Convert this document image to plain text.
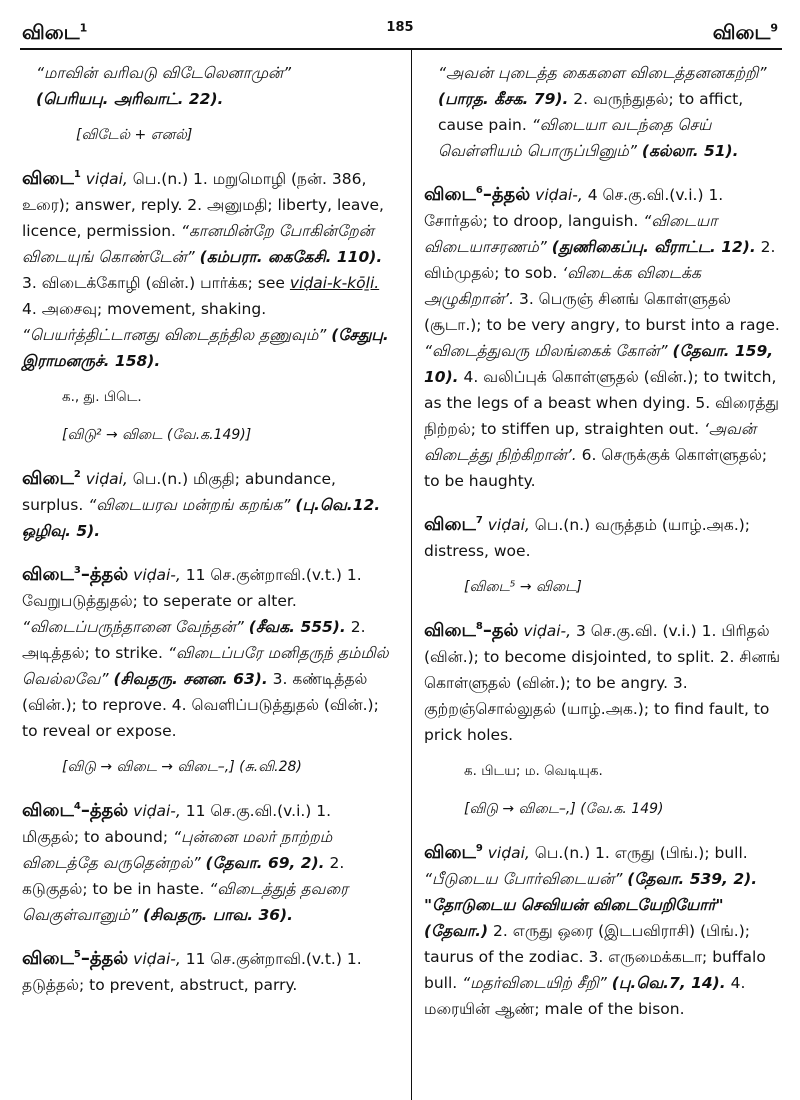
விடை$^1$	185	விடை$^9$
“மாவின் வரிவடு விடேலெனாமுன்”
(பெரியபு. அரிவாட். 22).
[விடேல் + எனல்]
விடை$^1$ viḍai, பெ.(n.) 1. மறுமொழி (நன். 386, உரை); answer, reply. 2. அனுமதி; liberty, leave, licence, permission. “கானமின்றே போகின்றேன் விடையுங் கொண்டேன்” (கம்பரா. கைகேசி. 110). 3. விடைக்கோழி (வின்.) பார்க்க; see viḍai-k-kōḻi. 4. அசைவு; movement, shaking. “பெயர்த்திட்டானது விடைதந்தில தணுவும்” (சேதுபு. இராமனருச். 158).
க., து. பிடெ.
[விடு² → விடை (வே.க.149)]
விடை$^2$ viḍai, பெ.(n.) மிகுதி; abundance, surplus. “விடையரவ மன்றங் கறங்க” (பு.வெ.12. ஒழிவு. 5).
விடை$^3$–த்தல் viḍai-, 11 செ.குன்றாவி.(v.t.) 1. வேறுபடுத்துதல்; to seperate or alter. “விடைப்பருந்தானை வேந்தன்” (சீவக. 555). 2. அடித்தல்; to strike. “விடைப்பரே மனிதருந் தம்மில் வெல்லவே” (சிவதரு. சனன. 63). 3. கண்டித்தல் (வின்.); to reprove. 4. வெளிப்படுத்துதல் (வின்.); to reveal or expose.
[விடு → விடை → விடை–,] (சு.வி.28)
விடை$^4$–த்தல் viḍai-, 11 செ.கு.வி.(v.i.) 1. மிகுதல்; to abound; “புன்னை மலர் நாற்றம் விடைத்தே வருதென்றல்” (தேவா. 69, 2). 2. கடுகுதல்; to be in haste. “விடைத்துத் தவரை வெகுள்வானும்” (சிவதரு. பாவ. 36).
விடை$^5$–த்தல் viḍai-, 11 செ.குன்றாவி.(v.t.) 1. தடுத்தல்; to prevent, abstruct, parry.
“அவன் புடைத்த கைகளை விடைத்தனனகற்றி” (பாரத. கீசக. 79). 2. வருந்துதல்; to affict, cause pain. “விடையா வடந்தை செய் வெள்ளியம் பொருப்பினும்” (கல்லா. 51).
விடை$^6$–த்தல் viḍai-, 4 செ.கு.வி.(v.i.) 1. சோர்தல்; to droop, languish. “விடையா விடையாசரணம்” (துணிகைப்பு. வீராட்ட. 12). 2. விம்முதல்; to sob. ‘விடைக்க விடைக்க அழுகிறான்’. 3. பெருஞ் சினங் கொள்ளுதல் (சூடா.); to be very angry, to burst into a rage. “விடைத்துவரு மிலங்கைக் கோன்” (தேவா. 159, 10). 4. வலிப்புக் கொள்ளுதல் (வின்.); to twitch, as the legs of a beast when dying. 5. விரைத்து நிற்றல்; to stiffen up, straighten out. ‘அவன் விடைத்து நிற்கிறான்’. 6. செருக்குக் கொள்ளுதல்; to be haughty.
விடை$^7$ viḍai, பெ.(n.) வருத்தம் (யாழ்.அக.); distress, woe.
[விடை⁵ → விடை]
விடை$^8$–தல் viḍai-, 3 செ.கு.வி. (v.i.) 1. பிரிதல் (வின்.); to become disjointed, to split. 2. சினங் கொள்ளுதல் (வின்.); to be angry. 3. குற்றஞ்சொல்லுதல் (யாழ்.அக.); to find fault, to prick holes.
க. பிடய; ம. வெடியுக.
[விடு → விடை–,] (வே.க. 149)
விடை$^9$ viḍai, பெ.(n.) 1. எருது (பிங்.); bull. “பீடுடைய போர்விடையன்” (தேவா. 539, 2). "தோடுடைய செவியன் விடையேறியோர்" (தேவா.) 2. எருது ஒரை (இடபவிராசி) (பிங்.); taurus of the zodiac. 3. எருமைக்கடா; buffalo bull. “மதர்விடையிற் சீறி” (பு.வெ.7, 14). 4. மரையின் ஆண்; male of the bison.
